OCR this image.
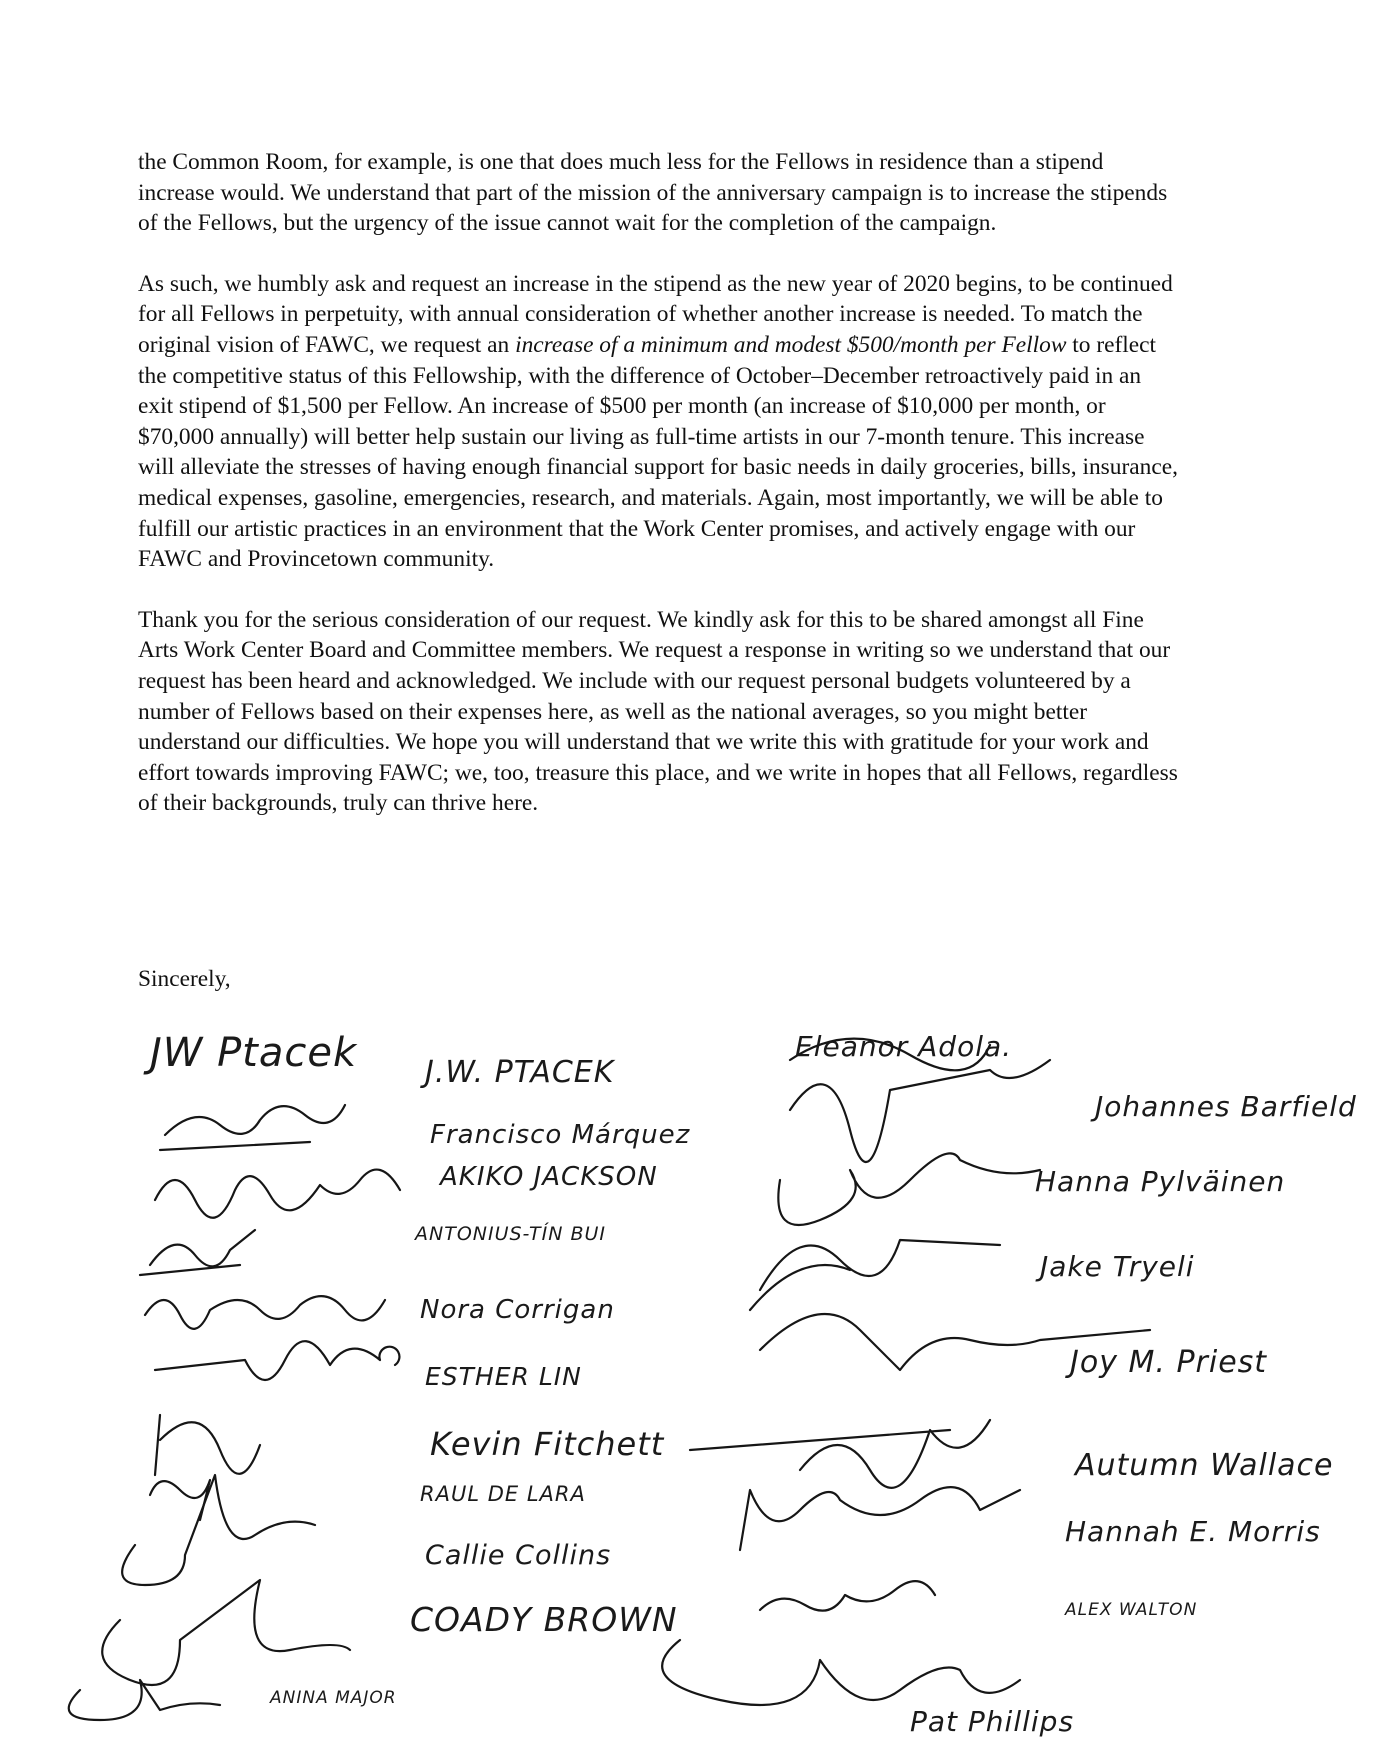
the Common Room, for example, is one that does much less for the Fellows in residence than a stipend increase would. We understand that part of the mission of the anniversary campaign is to increase the stipends of the Fellows, but the urgency of the issue cannot wait for the completion of the campaign.

As such, we humbly ask and request an increase in the stipend as the new year of 2020 begins, to be continued for all Fellows in perpetuity, with annual consideration of whether another increase is needed. To match the original vision of FAWC, we request an increase of a minimum and modest $500/month per Fellow to reflect the competitive status of this Fellowship, with the difference of October–December retroactively paid in an exit stipend of $1,500 per Fellow. An increase of $500 per month (an increase of $10,000 per month, or $70,000 annually) will better help sustain our living as full-time artists in our 7-month tenure. This increase will alleviate the stresses of having enough financial support for basic needs in daily groceries, bills, insurance, medical expenses, gasoline, emergencies, research, and materials. Again, most importantly, we will be able to fulfill our artistic practices in an environment that the Work Center promises, and actively engage with our FAWC and Provincetown community.

Thank you for the serious consideration of our request. We kindly ask for this to be shared amongst all Fine Arts Work Center Board and Committee members. We request a response in writing so we understand that our request has been heard and acknowledged. We include with our request personal budgets volunteered by a number of Fellows based on their expenses here, as well as the national averages, so you might better understand our difficulties. We hope you will understand that we write this with gratitude for your work and effort towards improving FAWC; we, too, treasure this place, and we write in hopes that all Fellows, regardless of their backgrounds, truly can thrive here.

Sincerely,
JW Ptacek	Eleanor Adola.
Johannes Barfield
Hanna Pylväinen
Jake Tryeli
Joy M. Priest
Autumn Wallace
Hannah E. Morris
Pat Phillips
J.W. PTACEK
Francisco Márquez
AKIKO JACKSON
ANTONIUS-TÍN BUI
Nora Corrigan
ESTHER LIN
Kevin Fitchett
RAUL DE LARA
Callie Collins
COADY BROWN	ALEX WALTON
ANINA MAJOR
